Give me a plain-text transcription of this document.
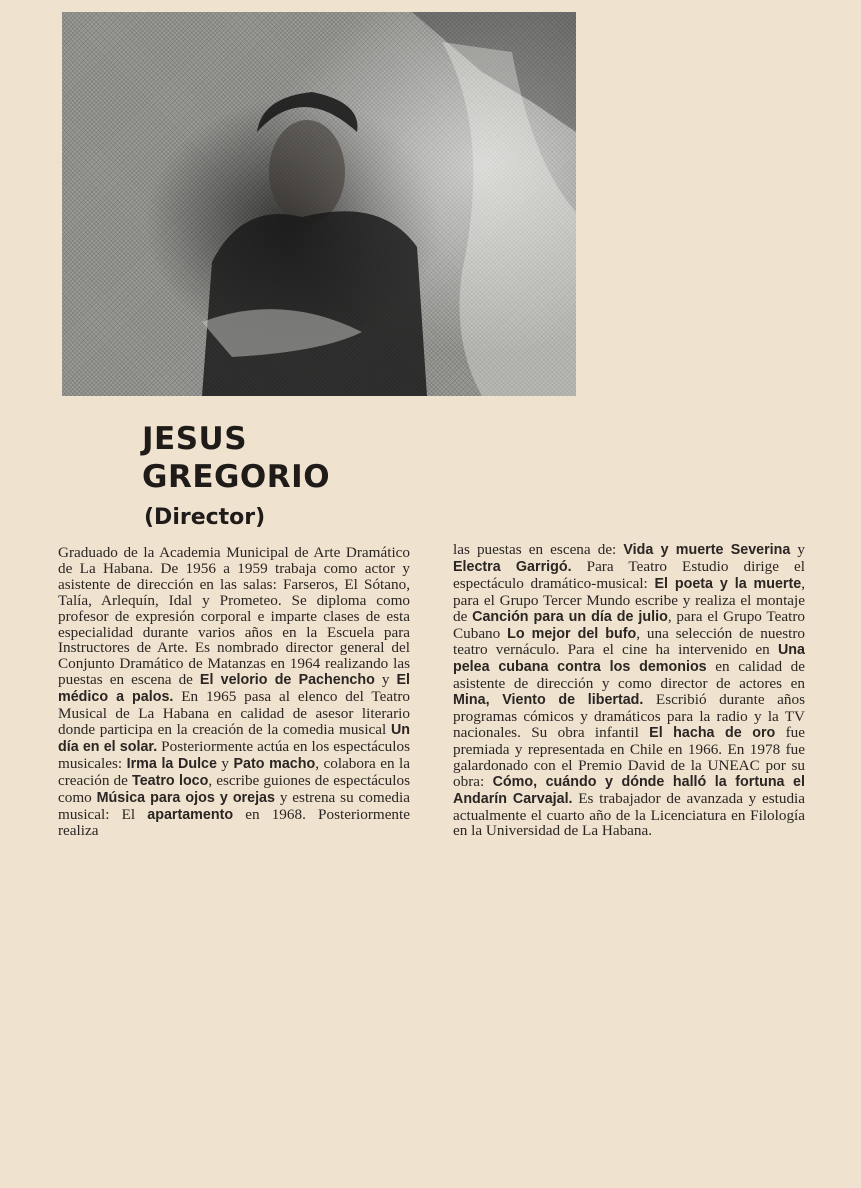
JESUS
GREGORIO
(Director)
Graduado de la Academia Municipal de Arte Dramático de La Habana. De 1956 a 1959 trabaja como actor y asistente de dirección en las salas: Farseros, El Sótano, Talía, Arlequín, Idal y Prometeo. Se diploma como profesor de expresión corporal e imparte clases de esta especialidad durante varios años en la Escuela para Instructores de Arte. Es nombrado director general del Conjunto Dramático de Matanzas en 1964 realizando las puestas en escena de El velorio de Pachencho y El médico a palos. En 1965 pasa al elenco del Teatro Musical de La Habana en calidad de asesor literario donde participa en la creación de la comedia musical Un día en el solar. Posteriormente actúa en los espectáculos musicales: Irma la Dulce y Pato macho, colabora en la creación de Teatro loco, escribe guiones de espectáculos como Música para ojos y orejas y estrena su comedia musical: El apartamento en 1968. Posteriormente realiza
las puestas en escena de: Vida y muerte Severina y Electra Garrigó. Para Teatro Estudio dirige el espectáculo dramático-musical: El poeta y la muerte, para el Grupo Tercer Mundo escribe y realiza el montaje de Canción para un día de julio, para el Grupo Teatro Cubano Lo mejor del bufo, una selección de nuestro teatro vernáculo. Para el cine ha intervenido en Una pelea cubana contra los demonios en calidad de asistente de dirección y como director de actores en Mina, Viento de libertad. Escribió durante años programas cómicos y dramáticos para la radio y la TV nacionales. Su obra infantil El hacha de oro fue premiada y representada en Chile en 1966. En 1978 fue galardonado con el Premio David de la UNEAC por su obra: Cómo, cuándo y dónde halló la fortuna el Andarín Carvajal. Es trabajador de avanzada y estudia actualmente el cuarto año de la Licenciatura en Filología en la Universidad de La Habana.
